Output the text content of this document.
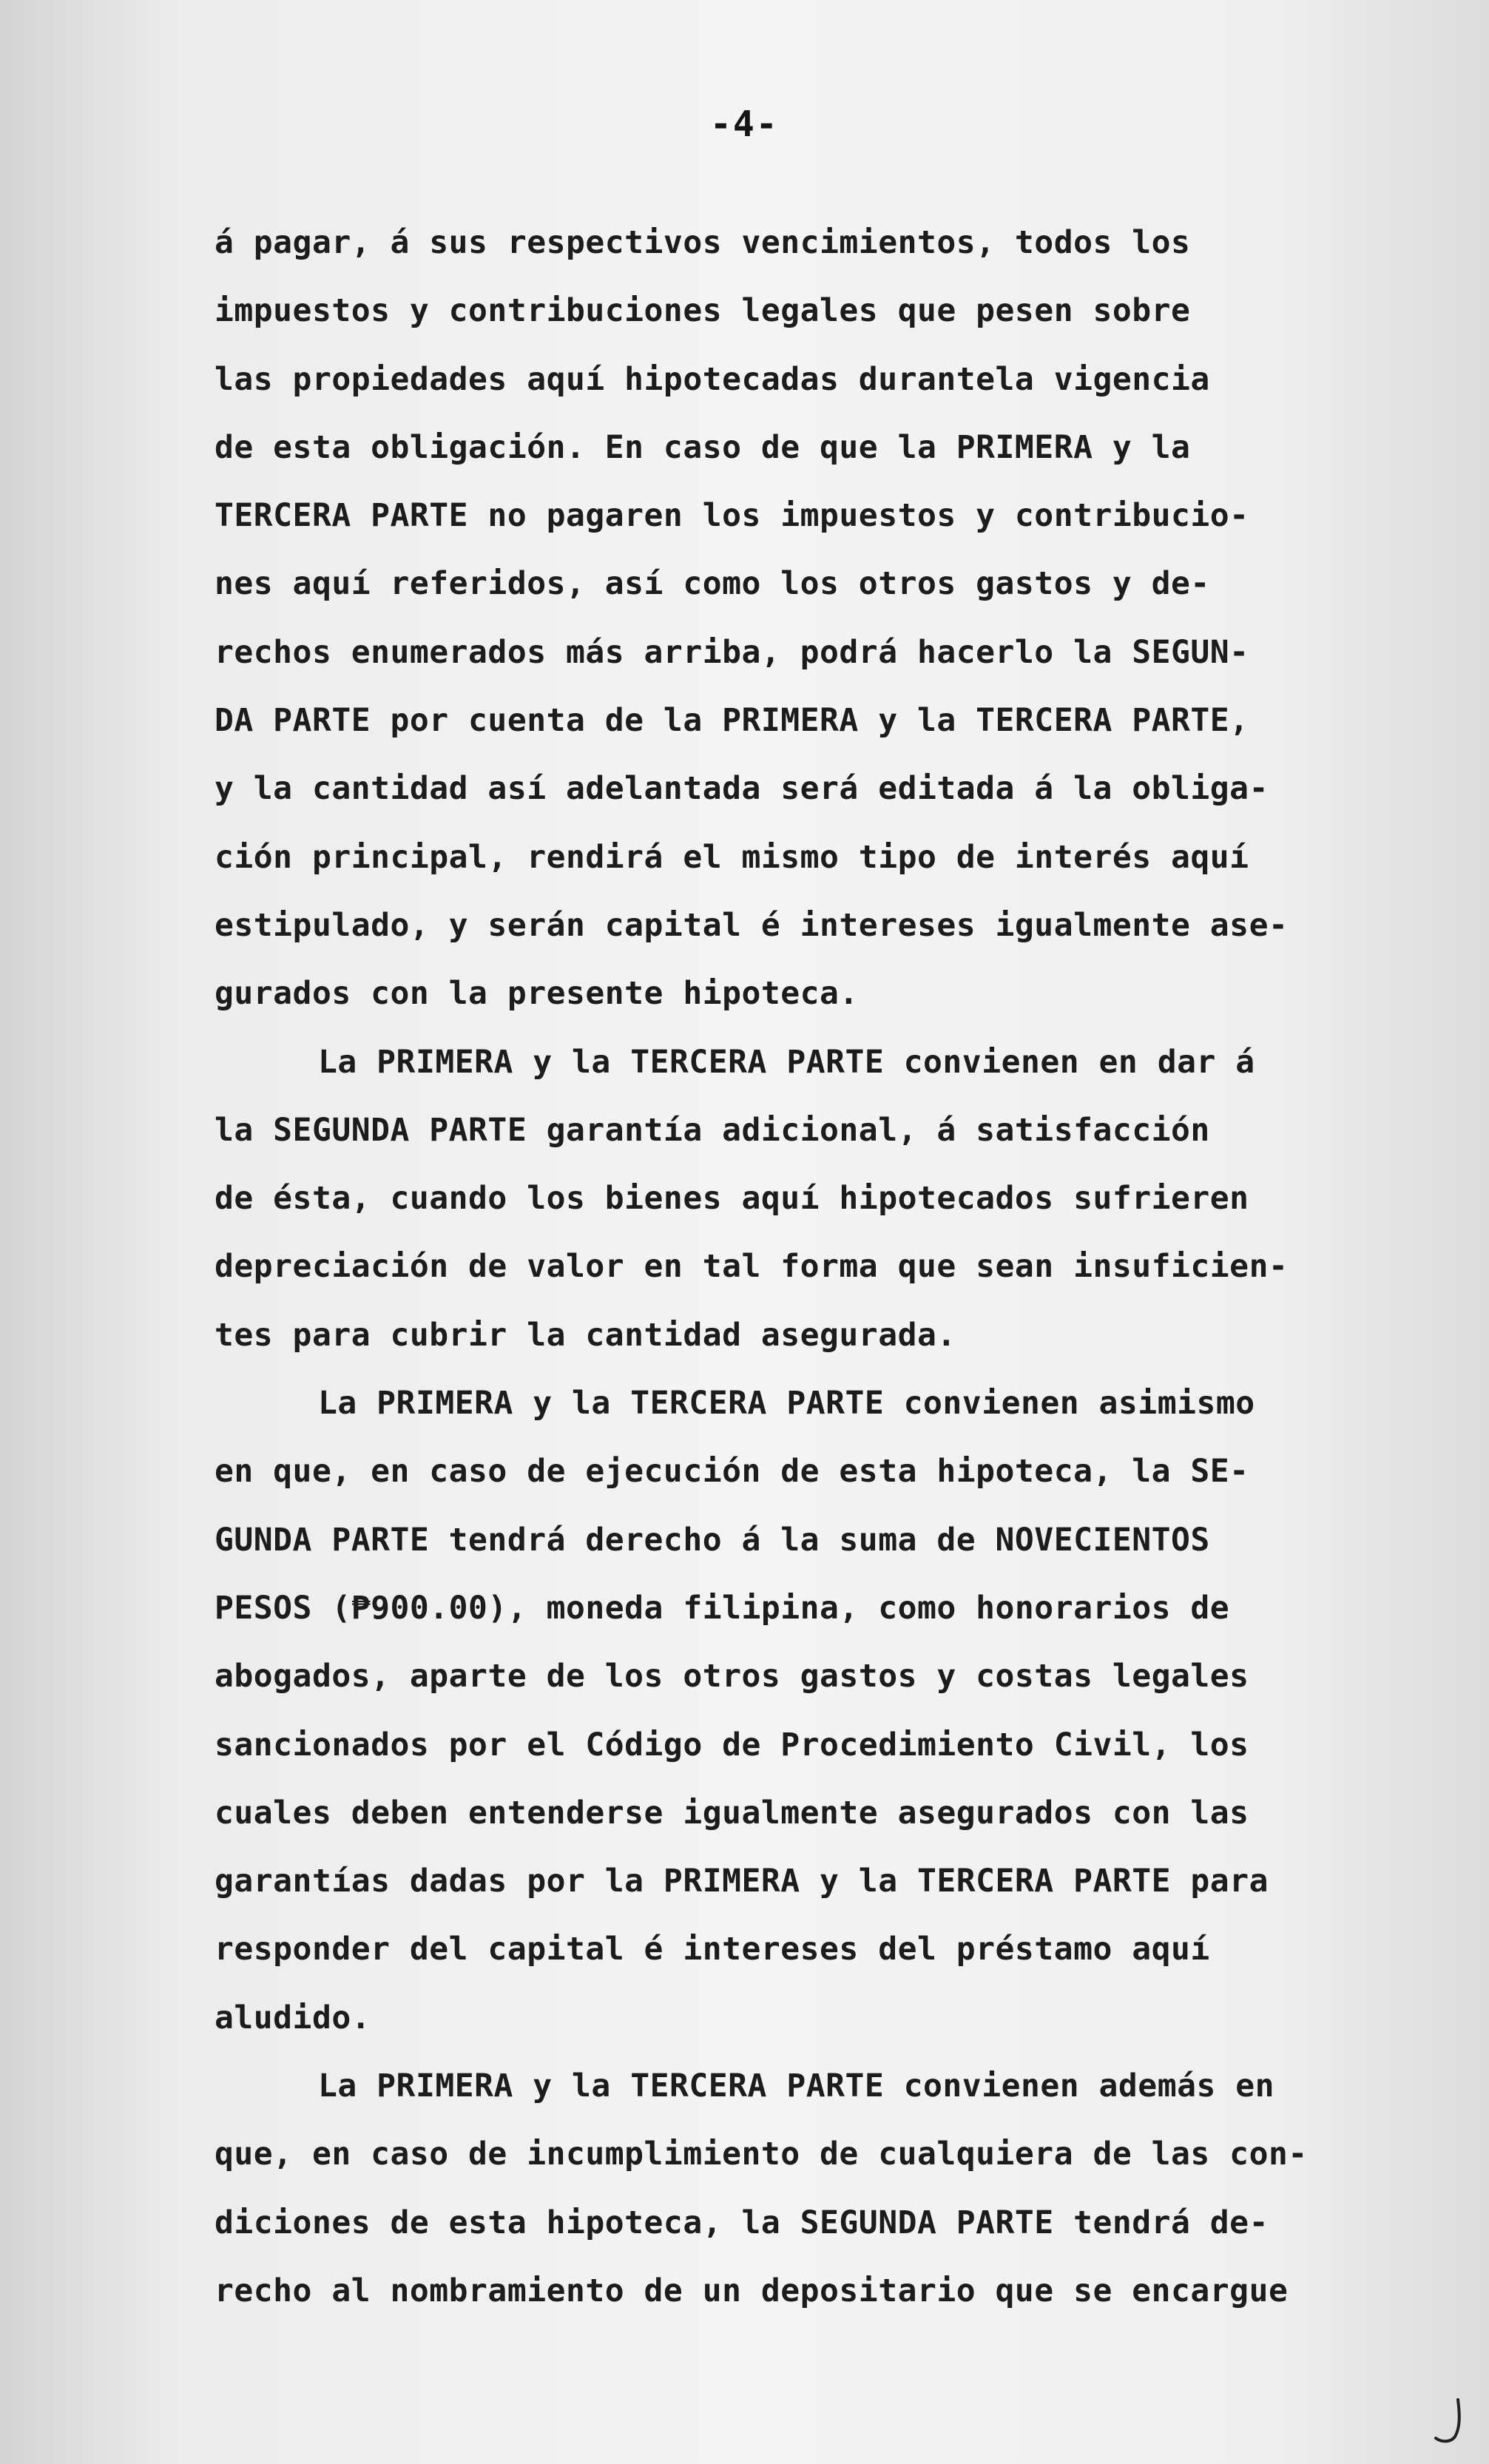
-4-
á pagar, á sus respectivos vencimientos, todos los
impuestos y contribuciones legales que pesen sobre
las propiedades aquí hipotecadas durantela vigencia
de esta obligación. En caso de que la PRIMERA y la
TERCERA PARTE no pagaren los impuestos y contribucio-
nes aquí referidos, así como los otros gastos y de-
rechos enumerados más arriba, podrá hacerlo la SEGUN-
DA PARTE por cuenta de la PRIMERA y la TERCERA PARTE,
y la cantidad así adelantada será editada á la obliga-
ción principal, rendirá el mismo tipo de interés aquí
estipulado, y serán capital é intereses igualmente ase-
gurados con la presente hipoteca.
La PRIMERA y la TERCERA PARTE convienen en dar á
la SEGUNDA PARTE garantía adicional, á satisfacción
de ésta, cuando los bienes aquí hipotecados sufrieren
depreciación de valor en tal forma que sean insuficien-
tes para cubrir la cantidad asegurada.
La PRIMERA y la TERCERA PARTE convienen asimismo
en que, en caso de ejecución de esta hipoteca, la SE-
GUNDA PARTE tendrá derecho á la suma de NOVECIENTOS
PESOS (₱900.00), moneda filipina, como honorarios de
abogados, aparte de los otros gastos y costas legales
sancionados por el Código de Procedimiento Civil, los
cuales deben entenderse igualmente asegurados con las
garantías dadas por la PRIMERA y la TERCERA PARTE para
responder del capital é intereses del préstamo aquí
aludido.
La PRIMERA y la TERCERA PARTE convienen además en
que, en caso de incumplimiento de cualquiera de las con-
diciones de esta hipoteca, la SEGUNDA PARTE tendrá de-
recho al nombramiento de un depositario que se encargue
